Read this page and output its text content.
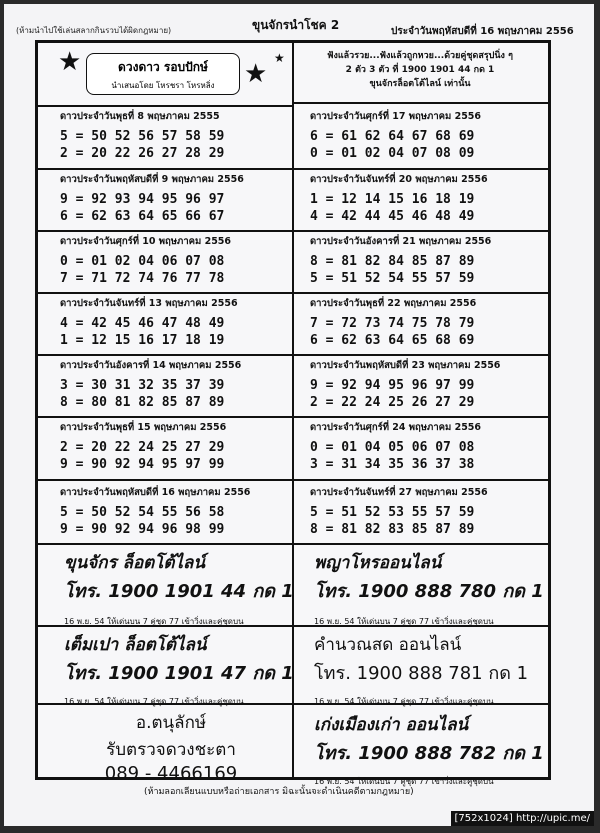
(ห้ามนำไปใช้เล่นสลากกินรวบได้ผิดกฎหมาย)	ขุนจักรนำโชค 2	ประจำวันพฤหัสบดีที่ 16 พฤษภาคม 2556
★	★
★
ดวงดาว รอบปักษ์
นำเสนอโดย โหรชรา โหรหลิ่ง
ฟังแล้วรวย...ฟังแล้วถูกหวย...ด้วยคู่ชุดสรุปนิ่ง ๆ
2 ตัว 3 ตัว ที่ 1900 1901 44 กด 1
ขุนจักรล็อตโต้ไลน์ เท่านั้น
ดาวประจำวันพุธที่ 8 พฤษภาคม 2555
5 = 50 52 56 57 58 59
2 = 20 22 26 27 28 29
ดาวประจำวันพฤหัสบดีที่ 9 พฤษภาคม 2556
9 = 92 93 94 95 96 97
6 = 62 63 64 65 66 67
ดาวประจำวันศุกร์ที่ 10 พฤษภาคม 2556
0 = 01 02 04 06 07 08
7 = 71 72 74 76 77 78
ดาวประจำวันจันทร์ที่ 13 พฤษภาคม 2556
4 = 42 45 46 47 48 49
1 = 12 15 16 17 18 19
ดาวประจำวันอังคารที่ 14 พฤษภาคม 2556
3 = 30 31 32 35 37 39
8 = 80 81 82 85 87 89
ดาวประจำวันพุธที่ 15 พฤษภาคม 2556
2 = 20 22 24 25 27 29
9 = 90 92 94 95 97 99
ดาวประจำวันพฤหัสบดีที่ 16 พฤษภาคม 2556
5 = 50 52 54 55 56 58
9 = 90 92 94 96 98 99
ดาวประจำวันศุกร์ที่ 17 พฤษภาคม 2556
6 = 61 62 64 67 68 69
0 = 01 02 04 07 08 09
ดาวประจำวันจันทร์ที่ 20 พฤษภาคม 2556
1 = 12 14 15 16 18 19
4 = 42 44 45 46 48 49
ดาวประจำวันอังคารที่ 21 พฤษภาคม 2556
8 = 81 82 84 85 87 89
5 = 51 52 54 55 57 59
ดาวประจำวันพุธที่ 22 พฤษภาคม 2556
7 = 72 73 74 75 78 79
6 = 62 63 64 65 68 69
ดาวประจำวันพฤหัสบดีที่ 23 พฤษภาคม 2556
9 = 92 94 95 96 97 99
2 = 22 24 25 26 27 29
ดาวประจำวันศุกร์ที่ 24 พฤษภาคม 2556
0 = 01 04 05 06 07 08
3 = 31 34 35 36 37 38
ดาวประจำวันจันทร์ที่ 27 พฤษภาคม 2556
5 = 51 52 53 55 57 59
8 = 81 82 83 85 87 89
ขุนจักร ล็อตโต้ไลน์
โทร. 1900 1901 44 กด 1
16 พ.ย. 54 ให้เด่นบน 7 คู่ชุด 77 เข้าวิ่งและคู่ชุดบน
พญาโหรออนไลน์
โทร. 1900 888 780 กด 1
16 พ.ย. 54 ให้เด่นบน 7 คู่ชุด 77 เข้าวิ่งและคู่ชุดบน
เต็มเปา ล็อตโต้ไลน์
โทร. 1900 1901 47 กด 1
16 พ.ย. 54 ให้เด่นบน 7 คู่ชุด 77 เข้าวิ่งและคู่ชุดบน
คำนวณสด ออนไลน์
โทร. 1900 888 781 กด 1
16 พ.ย. 54 ให้เด่นบน 7 คู่ชุด 77 เข้าวิ่งและคู่ชุดบน
อ.ตนุลักษ์
รับตรวจดวงชะตา
089 - 4466169
เก่งเมืองเก่า ออนไลน์
โทร. 1900 888 782 กด 1
16 พ.ย. 54 ให้เด่นบน 7 คู่ชุด 77 เข้าวิ่งและคู่ชุดบน
(ห้ามลอกเลียนแบบหรือถ่ายเอกสาร มิฉะนั้นจะดำเนินคดีตามกฎหมาย)
[752x1024] http://upic.me/
